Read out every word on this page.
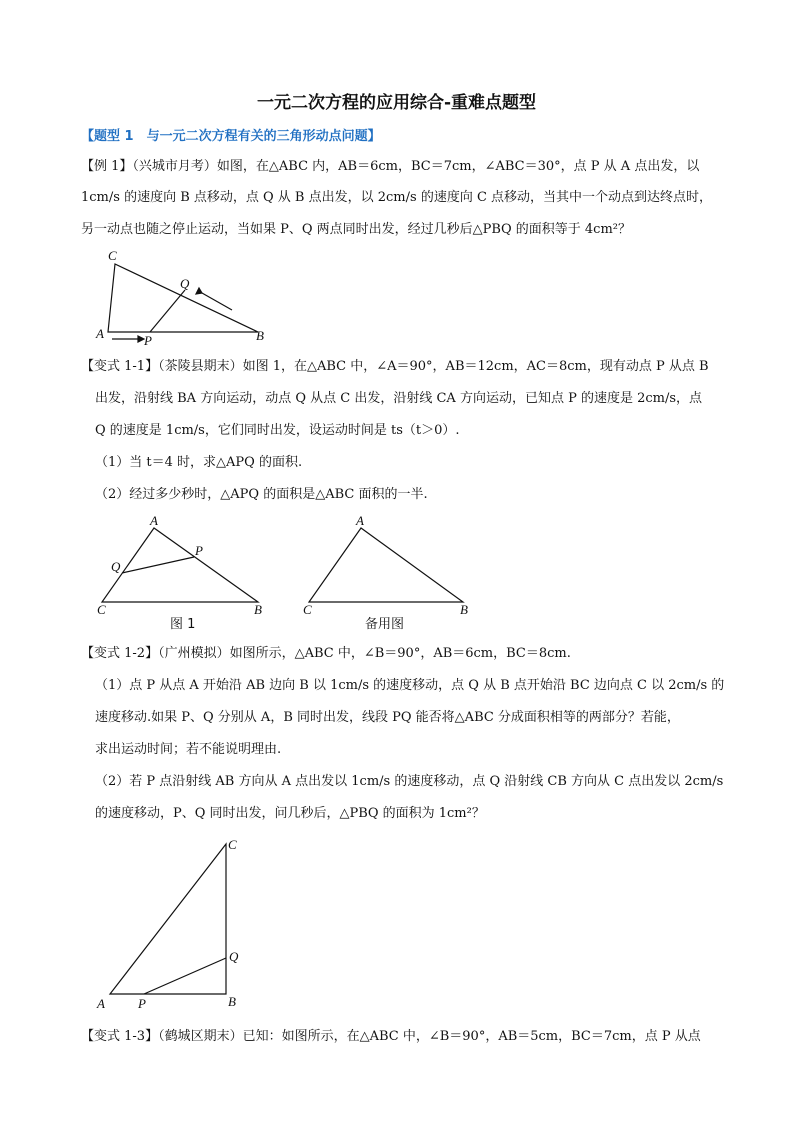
一元二次方程的应用综合-重难点题型
【题型 1　与一元二次方程有关的三角形动点问题】
【例 1】（兴城市月考）如图，在△ABC 内，AB＝6cm，BC＝7cm，∠ABC＝30°，点 P 从 A 点出发，以
1cm/s 的速度向 B 点移动，点 Q 从 B 点出发，以 2cm/s 的速度向 C 点移动，当其中一个动点到达终点时，
另一动点也随之停止运动，当如果 P、Q 两点同时出发，经过几秒后△PBQ 的面积等于 4cm²？
C
Q
A	P	B
【变式 1-1】（茶陵县期末）如图 1，在△ABC 中，∠A＝90°，AB＝12cm，AC＝8cm，现有动点 P 从点 B
出发，沿射线 BA 方向运动，动点 Q 从点 C 出发，沿射线 CA 方向运动，已知点 P 的速度是 2cm/s，点
Q 的速度是 1cm/s，它们同时出发，设运动时间是 ts（t＞0）.
（1）当 t＝4 时，求△APQ 的面积.
（2）经过多少秒时，△APQ 的面积是△ABC 面积的一半.
A
P
Q
C	B
图 1
A
C	B
备用图
【变式 1-2】（广州模拟）如图所示，△ABC 中，∠B＝90°，AB＝6cm，BC＝8cm.
（1）点 P 从点 A 开始沿 AB 边向 B 以 1cm/s 的速度移动，点 Q 从 B 点开始沿 BC 边向点 C 以 2cm/s 的
速度移动.如果 P、Q 分别从 A，B 同时出发，线段 PQ 能否将△ABC 分成面积相等的两部分？若能，
求出运动时间；若不能说明理由.
（2）若 P 点沿射线 AB 方向从 A 点出发以 1cm/s 的速度移动，点 Q 沿射线 CB 方向从 C 点出发以 2cm/s
的速度移动，P、Q 同时出发，问几秒后，△PBQ 的面积为 1cm²？
C
Q
A	P	B
【变式 1-3】（鹤城区期末）已知：如图所示，在△ABC 中，∠B＝90°，AB＝5cm，BC＝7cm，点 P 从点
